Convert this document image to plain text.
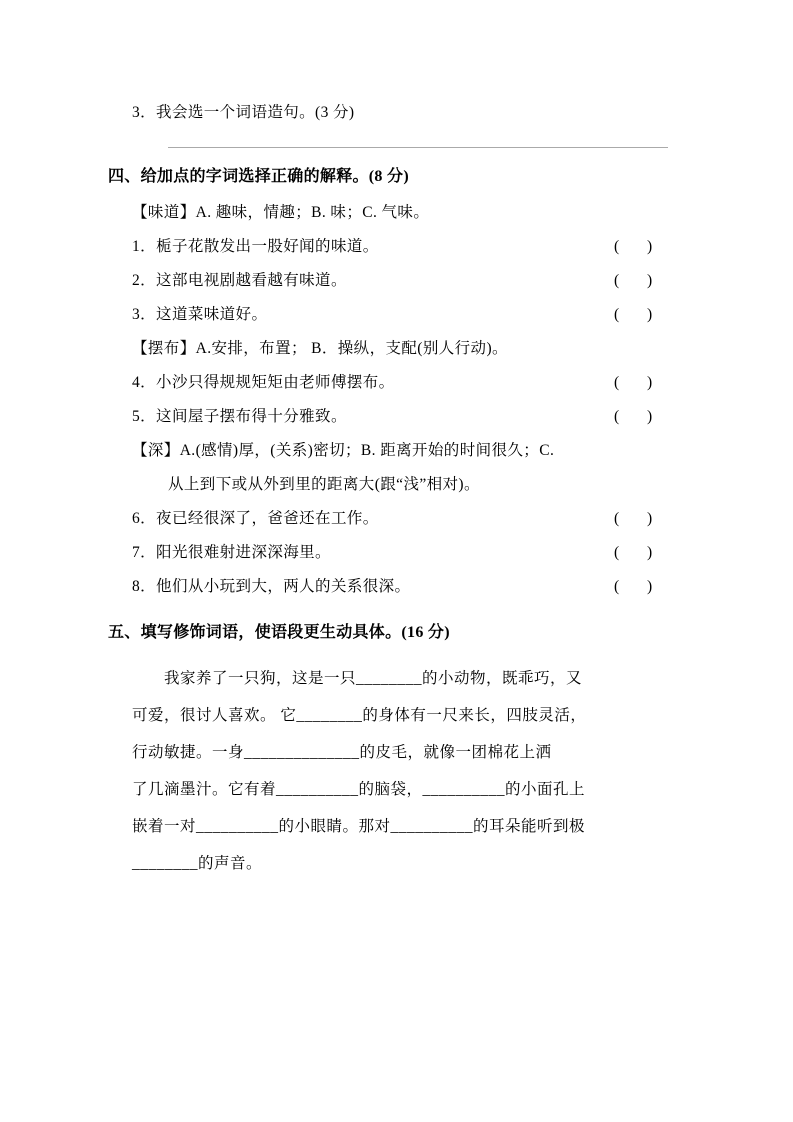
3．我会选一个词语造句。(3 分)
四、给加点的字词选择正确的解释。(8 分)
【味道】A. 趣味，情趣；B. 味；C. 气味。
1．栀子花散发出一股好闻的味道。	( )
2．这部电视剧越看越有味道。	( )
3．这道菜味道好。	( )
【摆布】A.安排，布置； B．操纵，支配(别人行动)。
4．小沙只得规规矩矩由老师傅摆布。	( )
5．这间屋子摆布得十分雅致。	( )
【深】A.(感情)厚，(关系)密切；B. 距离开始的时间很久；C.
从上到下或从外到里的距离大(跟“浅”相对)。
6．夜已经很深了，爸爸还在工作。	( )
7．阳光很难射进深深海里。	( )
8．他们从小玩到大，两人的关系很深。	( )
五、填写修饰词语，使语段更生动具体。(16 分)
我家养了一只狗，这是一只________的小动物，既乖巧，又
可爱，很讨人喜欢。 它________的身体有一尺来长，四肢灵活，
行动敏捷。一身______________的皮毛，就像一团棉花上洒
了几滴墨汁。它有着__________的脑袋，__________的小面孔上
嵌着一对__________的小眼睛。那对__________的耳朵能听到极
________的声音。
